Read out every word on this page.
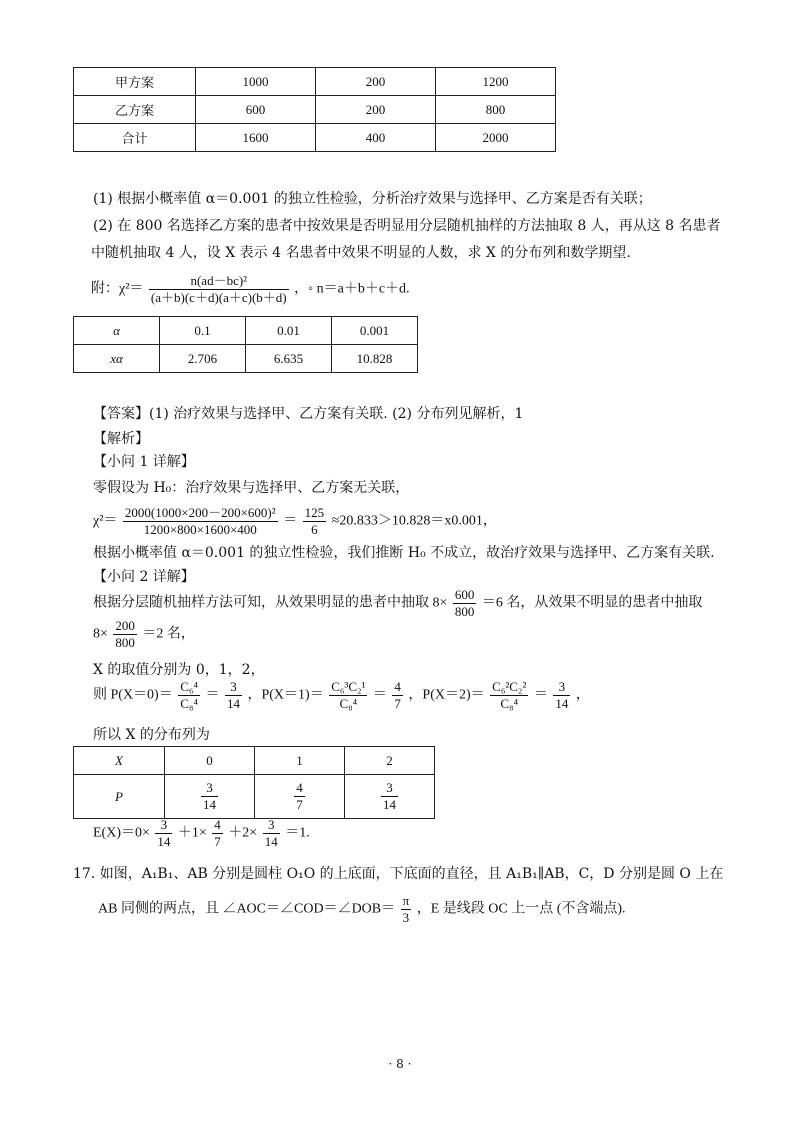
甲方案	1000	200	1200
乙方案	600	200	800
合计	1600	400	2000
(1) 根据小概率值 α＝0.001 的独立性检验，分析治疗效果与选择甲、乙方案是否有关联；
(2) 在 800 名选择乙方案的患者中按效果是否明显用分层随机抽样的方法抽取 8 人，再从这 8 名患者
中随机抽取 4 人，设 X 表示 4 名患者中效果不明显的人数，求 X 的分布列和数学期望.
附：$\chi^2= \frac{\text{n(ad－bc)²}}{(a+b)(c+d)(a+c)(b+d)}$ ，◦ n＝a＋b＋c＋d.
α	0.1	0.01	0.001
xα	2.706	6.635	10.828
【答案】(1) 治疗效果与选择甲、乙方案有关联. (2) 分布列见解析，1
【解析】
【小问 1 详解】
零假设为 H₀：治疗效果与选择甲、乙方案无关联，
$\chi^2= \frac{\text{2000(1000×200－200×600)²}}{1200\times 800\times 1600\times 400} = \frac{125}{6} \approx 20.833>10.828=x0.001$，
根据小概率值 α＝0.001 的独立性检验，我们推断 H₀ 不成立，故治疗效果与选择甲、乙方案有关联.
【小问 2 详解】
根据分层随机抽样方法可知，从效果明显的患者中抽取 $8\times \frac{600}{800} =6$ 名，从效果不明显的患者中抽取
$8\times \frac{200}{800} =2$ 名，
X 的取值分别为 0，1，2，
则 $P(X=0)= \frac{\text{C₆⁴}}{\text{C₈⁴}} = \frac{3}{14}$ ，$P(X=1)= \frac{\text{C₆³C₂¹}}{\text{C₈⁴}} = \frac{4}{7}$ ，$P(X=2)= \frac{\text{C₆²C₂²}}{\text{C₈⁴}} = \frac{3}{14}$ ，
所以 X 的分布列为
X	0	1	2
P	$\frac{3}{14}$	$\frac{4}{7}$	$\frac{3}{14}$
$E(X)=0\times \frac{3}{14} +1\times \frac{4}{7} +2\times \frac{3}{14} =1$.
17. 如图，A₁B₁、AB 分别是圆柱 O₁O 的上底面，下底面的直径，且 A₁B₁∥AB，C，D 分别是圆 O 上在
AB 同侧的两点，且 ∠AOC＝∠COD＝∠DOB＝ $\frac{\pi}{3}$ ，E 是线段 OC 上一点 (不含端点).
· 8 ·
